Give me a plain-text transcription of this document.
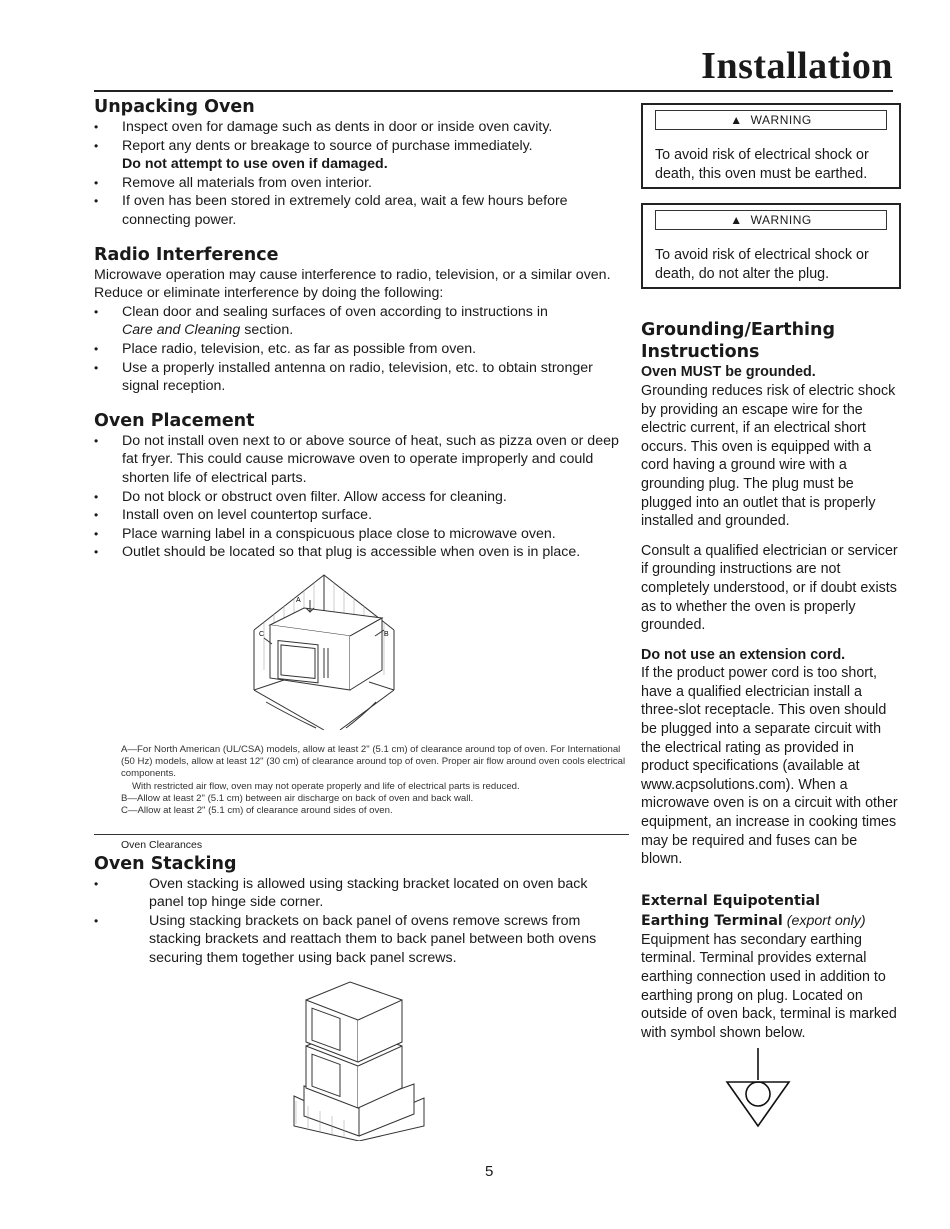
Installation
Unpacking Oven
• Inspect oven for damage such as dents in door or inside oven cavity.
• Report any dents or breakage to source of purchase immediately.
Do not attempt to use oven if damaged.
• Remove all materials from oven interior.
• If oven has been stored in extremely cold area, wait a few hours before connecting power.
Radio Interference

Microwave operation may cause interference to radio, television, or a similar oven. Reduce or eliminate interference by doing the following:

• Clean door and sealing surfaces of oven according to instructions in
Care and Cleaning section.
• Place radio, television, etc. as far as possible from oven.
• Use a properly installed antenna on radio, television, etc. to obtain stronger signal reception.
Oven Placement
• Do not install oven next to or above source of heat, such as pizza oven or deep fat fryer. This could cause microwave oven to operate improperly and could shorten life of electrical parts.
• Do not block or obstruct oven filter. Allow access for cleaning.
• Install oven on level countertop surface.
• Place warning label in a conspicuous place close to microwave oven.
• Outlet should be located so that plug is accessible when oven is in place.
A
C	B
A—For North American (UL/CSA) models, allow at least 2" (5.1 cm) of clearance around top of oven. For International (50 Hz) models, allow at least 12" (30 cm) of clearance around top of oven. Proper air flow around oven cools electrical components.
With restricted air flow, oven may not operate properly and life of electrical parts is reduced.
B—Allow at least 2" (5.1 cm) between air discharge on back of oven and back wall.
C—Allow at least 2" (5.1 cm) of clearance around sides of oven.
Oven Clearances
Oven Stacking
• Oven stacking is allowed using stacking bracket located on oven back panel top hinge side corner.
• Using stacking brackets on back panel of ovens remove screws from stacking brackets and reattach them to back panel between both ovens securing them together using back panel screws.
▲ WARNING

To avoid risk of electrical shock or death, this oven must be earthed.

▲ WARNING

To avoid risk of electrical shock or death, do not alter the plug.

Grounding/Earthing Instructions

Oven MUST be grounded.

Grounding reduces risk of electric shock by providing an escape wire for the electric current, if an electrical short occurs. This oven is equipped with a cord having a ground wire with a grounding plug. The plug must be plugged into an outlet that is properly installed and grounded.

Consult a qualified electrician or servicer if grounding instructions are not completely understood, or if doubt exists as to whether the oven is properly grounded.

Do not use an extension cord.

If the product power cord is too short, have a qualified electrician install a three-slot receptacle. This oven should be plugged into a separate circuit with the electrical rating as provided in product specifications (available at www.acpsolutions.com). When a microwave oven is on a circuit with other equipment, an increase in cooking times may be required and fuses can be blown.

External Equipotential
Earthing Terminal (export only)

Equipment has secondary earthing terminal. Terminal provides external earthing connection used in addition to earthing prong on plug. Located on outside of oven back, terminal is marked with symbol shown below.

5
